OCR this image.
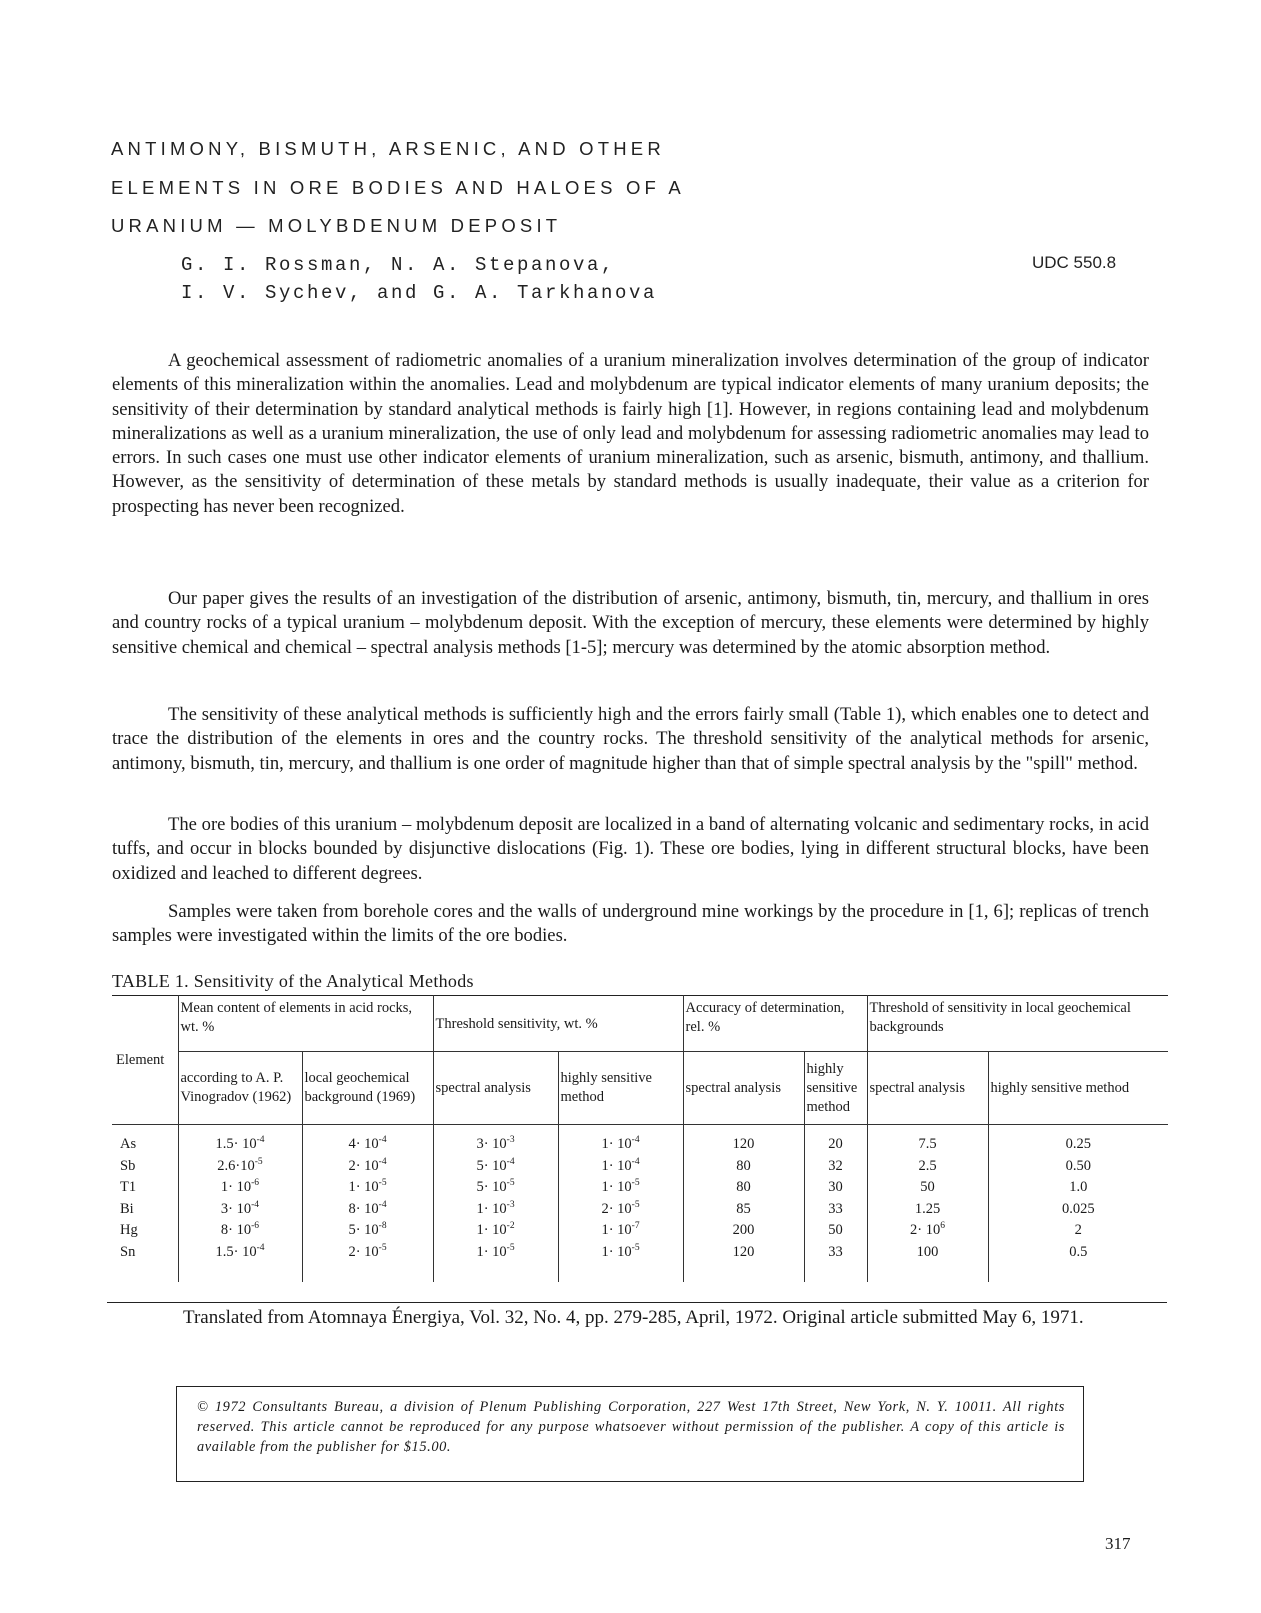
ANTIMONY, BISMUTH, ARSENIC, AND OTHER
ELEMENTS IN ORE BODIES AND HALOES OF A
URANIUM — MOLYBDENUM DEPOSIT
G. I. Rossman, N. A. Stepanova,
I. V. Sychev, and G. A. Tarkhanova
UDC 550.8

A geochemical assessment of radiometric anomalies of a uranium mineralization involves determination of the group of indicator elements of this mineralization within the anomalies. Lead and molybdenum are typical indicator elements of many uranium deposits; the sensitivity of their determination by standard analytical methods is fairly high [1]. However, in regions containing lead and molybdenum mineralizations as well as a uranium mineralization, the use of only lead and molybdenum for assessing radiometric anomalies may lead to errors. In such cases one must use other indicator elements of uranium mineralization, such as arsenic, bismuth, antimony, and thallium. However, as the sensitivity of determination of these metals by standard methods is usually inadequate, their value as a criterion for prospecting has never been recognized.

Our paper gives the results of an investigation of the distribution of arsenic, antimony, bismuth, tin, mercury, and thallium in ores and country rocks of a typical uranium – molybdenum deposit. With the exception of mercury, these elements were determined by highly sensitive chemical and chemical – spectral analysis methods [1-5]; mercury was determined by the atomic absorption method.

The sensitivity of these analytical methods is sufficiently high and the errors fairly small (Table 1), which enables one to detect and trace the distribution of the elements in ores and the country rocks. The threshold sensitivity of the analytical methods for arsenic, antimony, bismuth, tin, mercury, and thallium is one order of magnitude higher than that of simple spectral analysis by the "spill" method.

The ore bodies of this uranium – molybdenum deposit are localized in a band of alternating volcanic and sedimentary rocks, in acid tuffs, and occur in blocks bounded by disjunctive dislocations (Fig. 1). These ore bodies, lying in different structural blocks, have been oxidized and leached to different degrees.

Samples were taken from borehole cores and the walls of underground mine workings by the procedure in [1, 6]; replicas of trench samples were investigated within the limits of the ore bodies.

TABLE 1. Sensitivity of the Analytical Methods
Element	Mean content of elements in acid rocks, wt. %		Threshold sensitivity, wt. %		Accuracy of determination, rel. %		Threshold of sensitivity in local geochemical backgrounds	
	according to A. P. Vinogradov (1962)	local geochemical background (1969)	spectral analysis	highly sensitive method	spectral analysis	highly sensitive method	spectral analysis	highly sensitive method
As	$1.5\cdot 10^{-4}$	$4\cdot 10^{-4}$	$3\cdot 10^{-3}$	$1\cdot 10^{-4}$	120	20	7.5	0.25
Sb	$2.6\cdot 10^{-5}$	$2\cdot 10^{-4}$	$5\cdot 10^{-4}$	$1\cdot 10^{-4}$	80	32	2.5	0.50
T1	$1\cdot 10^{-6}$	$1\cdot 10^{-5}$	$5\cdot 10^{-5}$	$1\cdot 10^{-5}$	80	30	50	1.0
Bi	$3\cdot 10^{-4}$	$8\cdot 10^{-4}$	$1\cdot 10^{-3}$	$2\cdot 10^{-5}$	85	33	1.25	0.025
Hg	$8\cdot 10^{-6}$	$5\cdot 10^{-8}$	$1\cdot 10^{-2}$	$1\cdot 10^{-7}$	200	50	$2\cdot 10^6$	2
Sn	$1.5\cdot 10^{-4}$	$2\cdot 10^{-5}$	$1\cdot 10^{-5}$	$1\cdot 10^{-5}$	120	33	100	0.5

Translated from Atomnaya Énergiya, Vol. 32, No. 4, pp. 279-285, April, 1972. Original article submitted May 6, 1971.

© 1972 Consultants Bureau, a division of Plenum Publishing Corporation, 227 West 17th Street, New York, N. Y. 10011. All rights reserved. This article cannot be reproduced for any purpose whatsoever without permission of the publisher. A copy of this article is available from the publisher for $15.00.
317
